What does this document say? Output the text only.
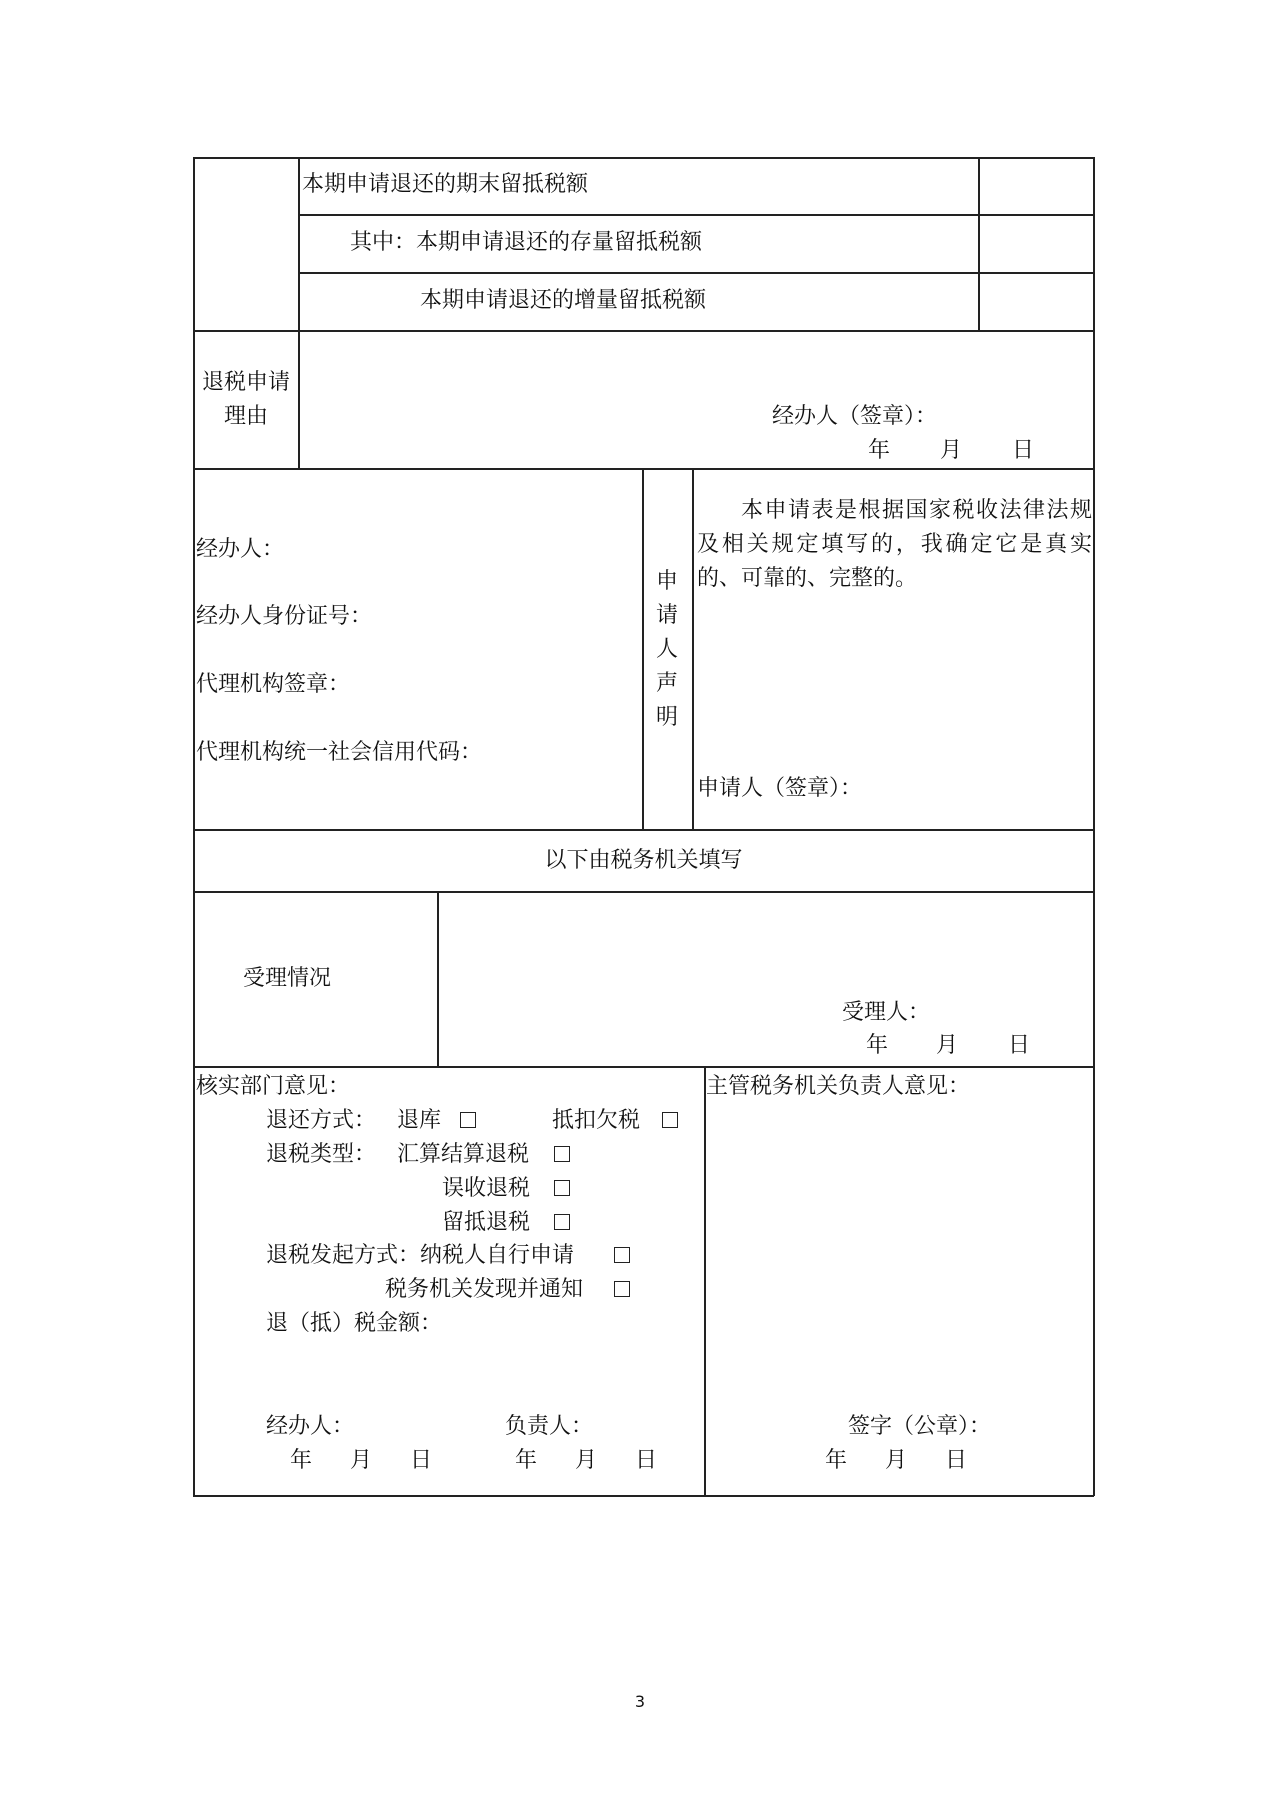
本期申请退还的期末留抵税额
其中：本期申请退还的存量留抵税额
本期申请退还的增量留抵税额
退税申请
理由	经办人（签章）：
年 月 日
经办人：
经办人身份证号：
代理机构签章：
代理机构统一社会信用代码：
申
请
人
声
明
本申请表是根据国家税收法律法规及相关规定填写的，我确定它是真实的、可靠的、完整的。
申请人（签章）：
以下由税务机关填写
受理情况
受理人：
年 月 日
核实部门意见：
退还方式： 退库	抵扣欠税
退税类型： 汇算结算退税
误收退税
留抵退税
退税发起方式： 纳税人自行申请
税务机关发现并通知
退（抵）税金额：
经办人：	负责人：
年 月 日	年 月 日
主管税务机关负责人意见：
签字（公章）：
年 月 日
3
